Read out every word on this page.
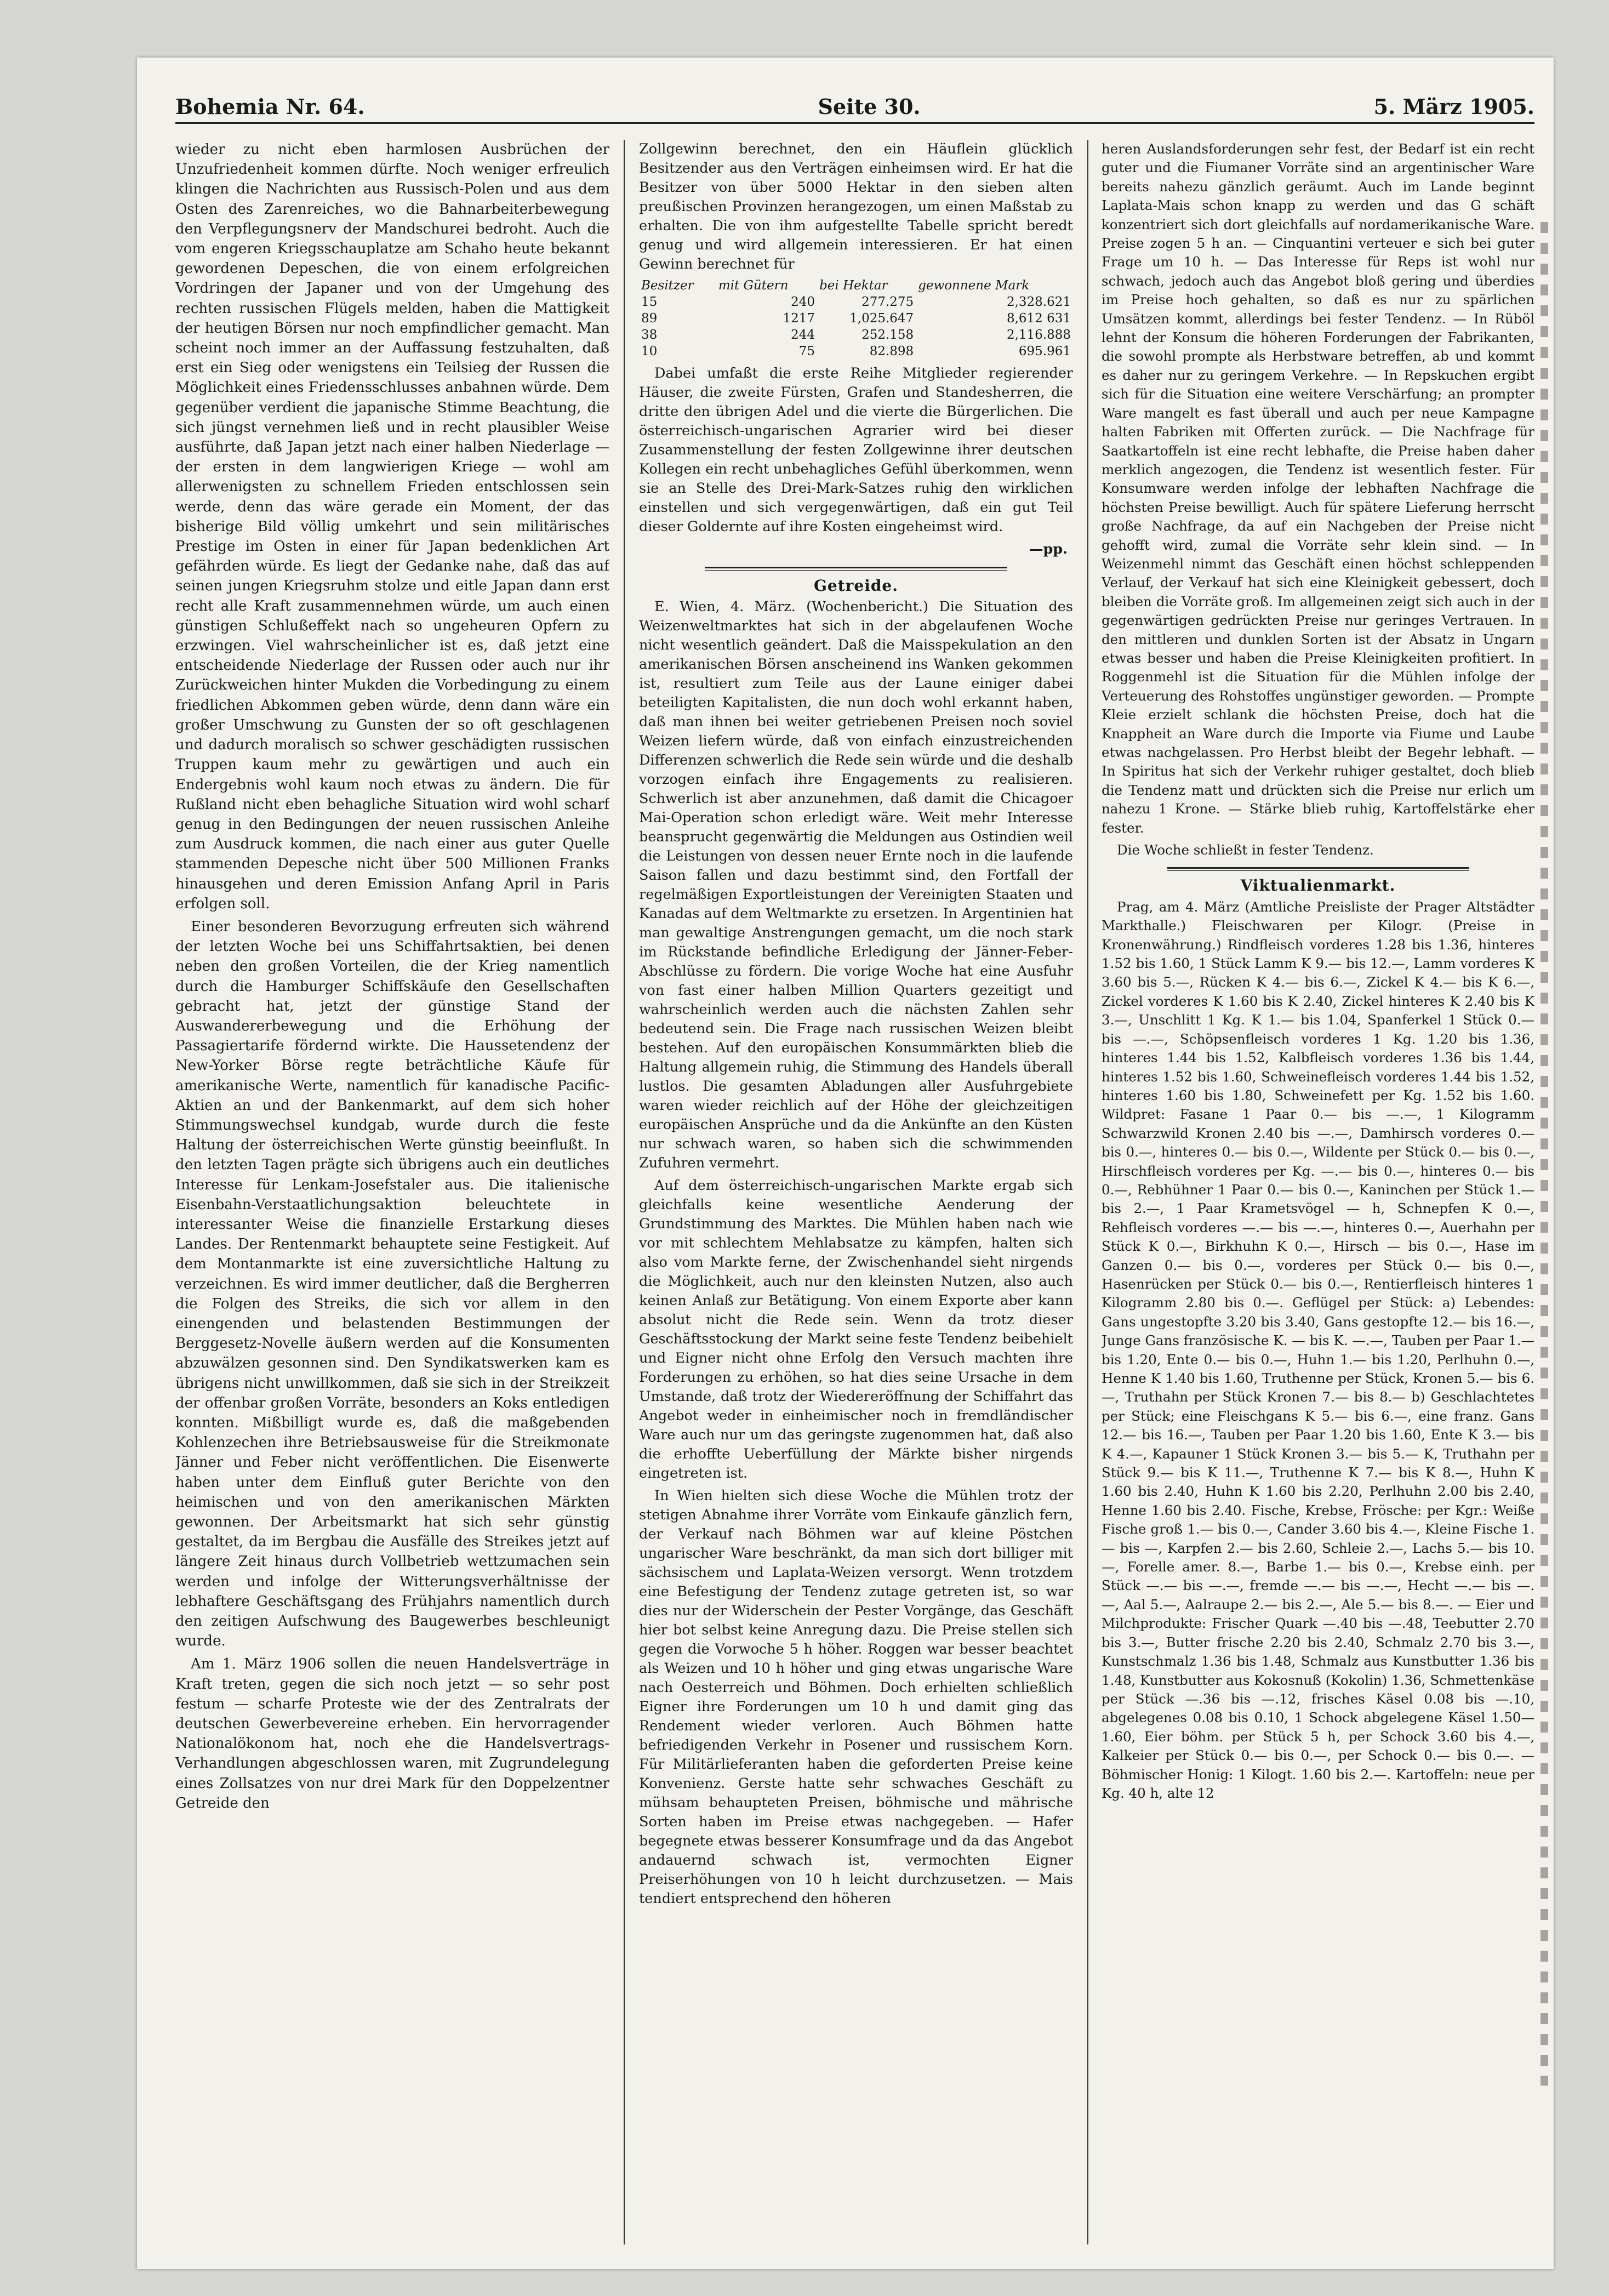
Bohemia Nr. 64.	Seite 30.	5. März 1905.

wieder zu nicht eben harmlosen Ausbrüchen der Unzufriedenheit kommen dürfte. Noch weniger erfreulich klingen die Nachrichten aus Russisch-Polen und aus dem Osten des Zarenreiches, wo die Bahnarbeiterbewegung den Verpflegungsnerv der Mandschurei bedroht. Auch die vom engeren Kriegsschauplatze am Schaho heute bekannt gewordenen Depeschen, die von einem erfolgreichen Vordringen der Japaner und von der Umgehung des rechten russischen Flügels melden, haben die Mattigkeit der heutigen Börsen nur noch empfindlicher gemacht. Man scheint noch immer an der Auffassung festzuhalten, daß erst ein Sieg oder wenigstens ein Teilsieg der Russen die Möglichkeit eines Friedensschlusses anbahnen würde. Dem gegenüber verdient die japanische Stimme Beachtung, die sich jüngst vernehmen ließ und in recht plausibler Weise ausführte, daß Japan jetzt nach einer halben Niederlage — der ersten in dem langwierigen Kriege — wohl am allerwenigsten zu schnellem Frieden entschlossen sein werde, denn das wäre gerade ein Moment, der das bisherige Bild völlig umkehrt und sein militärisches Prestige im Osten in einer für Japan bedenklichen Art gefährden würde. Es liegt der Gedanke nahe, daß das auf seinen jungen Kriegsruhm stolze und eitle Japan dann erst recht alle Kraft zusammennehmen würde, um auch einen günstigen Schlußeffekt nach so ungeheuren Opfern zu erzwingen. Viel wahrscheinlicher ist es, daß jetzt eine entscheidende Niederlage der Russen oder auch nur ihr Zurückweichen hinter Mukden die Vorbedingung zu einem friedlichen Abkommen geben würde, denn dann wäre ein großer Umschwung zu Gunsten der so oft geschlagenen und dadurch moralisch so schwer geschädigten russischen Truppen kaum mehr zu gewärtigen und auch ein Endergebnis wohl kaum noch etwas zu ändern. Die für Rußland nicht eben behagliche Situation wird wohl scharf genug in den Bedingungen der neuen russischen Anleihe zum Ausdruck kommen, die nach einer aus guter Quelle stammenden Depesche nicht über 500 Millionen Franks hinausgehen und deren Emission Anfang April in Paris erfolgen soll.

Einer besonderen Bevorzugung erfreuten sich während der letzten Woche bei uns Schiffahrtsaktien, bei denen neben den großen Vorteilen, die der Krieg namentlich durch die Hamburger Schiffskäufe den Gesellschaften gebracht hat, jetzt der günstige Stand der Auswandererbewegung und die Erhöhung der Passagiertarife fördernd wirkte. Die Haussetendenz der New-Yorker Börse regte beträchtliche Käufe für amerikanische Werte, namentlich für kanadische Pacific-Aktien an und der Bankenmarkt, auf dem sich hoher Stimmungswechsel kundgab, wurde durch die feste Haltung der österreichischen Werte günstig beeinflußt. In den letzten Tagen prägte sich übrigens auch ein deutliches Interesse für Lenkam-Josefstaler aus. Die italienische Eisenbahn-Verstaatlichungsaktion beleuchtete in interessanter Weise die finanzielle Erstarkung dieses Landes. Der Rentenmarkt behauptete seine Festigkeit. Auf dem Montanmarkte ist eine zuversichtliche Haltung zu verzeichnen. Es wird immer deutlicher, daß die Bergherren die Folgen des Streiks, die sich vor allem in den einengenden und belastenden Bestimmungen der Berggesetz-Novelle äußern werden auf die Konsumenten abzuwälzen gesonnen sind. Den Syndikatswerken kam es übrigens nicht unwillkommen, daß sie sich in der Streikzeit der offenbar großen Vorräte, besonders an Koks entledigen konnten. Mißbilligt wurde es, daß die maßgebenden Kohlenzechen ihre Betriebsausweise für die Streikmonate Jänner und Feber nicht veröffentlichen. Die Eisenwerte haben unter dem Einfluß guter Berichte von den heimischen und von den amerikanischen Märkten gewonnen. Der Arbeitsmarkt hat sich sehr günstig gestaltet, da im Bergbau die Ausfälle des Streikes jetzt auf längere Zeit hinaus durch Vollbetrieb wettzumachen sein werden und infolge der Witterungsverhältnisse der lebhaftere Geschäftsgang des Frühjahrs namentlich durch den zeitigen Aufschwung des Baugewerbes beschleunigt wurde.

Am 1. März 1906 sollen die neuen Handelsverträge in Kraft treten, gegen die sich noch jetzt — so sehr post festum — scharfe Proteste wie der des Zentralrats der deutschen Gewerbevereine erheben. Ein hervorragender Nationalökonom hat, noch ehe die Handelsvertrags-Verhandlungen abgeschlossen waren, mit Zugrundelegung eines Zollsatzes von nur drei Mark für den Doppelzentner Getreide den

Zollgewinn berechnet, den ein Häuflein glücklich Besitzender aus den Verträgen einheimsen wird. Er hat die Besitzer von über 5000 Hektar in den sieben alten preußischen Provinzen herangezogen, um einen Maßstab zu erhalten. Die von ihm aufgestellte Tabelle spricht beredt genug und wird allgemein interessieren. Er hat einen Gewinn berechnet für

Besitzer	mit Gütern	bei Hektar	gewonnene Mark
15	240	277.275	2,328.621
89	1217	1,025.647	8,612 631
38	244	252.158	2,116.888
10	75	82.898	695.961

Dabei umfaßt die erste Reihe Mitglieder regierender Häuser, die zweite Fürsten, Grafen und Standesherren, die dritte den übrigen Adel und die vierte die Bürgerlichen. Die österreichisch-ungarischen Agrarier wird bei dieser Zusammenstellung der festen Zollgewinne ihrer deutschen Kollegen ein recht unbehagliches Gefühl überkommen, wenn sie an Stelle des Drei-Mark-Satzes ruhig den wirklichen einstellen und sich vergegenwärtigen, daß ein gut Teil dieser Goldernte auf ihre Kosten eingeheimst wird.

—pp.
Getreide.

E. Wien, 4. März. (Wochenbericht.) Die Situation des Weizenweltmarktes hat sich in der abgelaufenen Woche nicht wesentlich geändert. Daß die Maisspekulation an den amerikanischen Börsen anscheinend ins Wanken gekommen ist, resultiert zum Teile aus der Laune einiger dabei beteiligten Kapitalisten, die nun doch wohl erkannt haben, daß man ihnen bei weiter getriebenen Preisen noch soviel Weizen liefern würde, daß von einfach einzustreichenden Differenzen schwerlich die Rede sein würde und die deshalb vorzogen einfach ihre Engagements zu realisieren. Schwerlich ist aber anzunehmen, daß damit die Chicagoer Mai-Operation schon erledigt wäre. Weit mehr Interesse beansprucht gegenwärtig die Meldungen aus Ostindien weil die Leistungen von dessen neuer Ernte noch in die laufende Saison fallen und dazu bestimmt sind, den Fortfall der regelmäßigen Exportleistungen der Vereinigten Staaten und Kanadas auf dem Weltmarkte zu ersetzen. In Argentinien hat man gewaltige Anstrengungen gemacht, um die noch stark im Rückstande befindliche Erledigung der Jänner-Feber-Abschlüsse zu fördern. Die vorige Woche hat eine Ausfuhr von fast einer halben Million Quarters gezeitigt und wahrscheinlich werden auch die nächsten Zahlen sehr bedeutend sein. Die Frage nach russischen Weizen bleibt bestehen. Auf den europäischen Konsummärkten blieb die Haltung allgemein ruhig, die Stimmung des Handels überall lustlos. Die gesamten Abladungen aller Ausfuhrgebiete waren wieder reichlich auf der Höhe der gleichzeitigen europäischen Ansprüche und da die Ankünfte an den Küsten nur schwach waren, so haben sich die schwimmenden Zufuhren vermehrt.

Auf dem österreichisch-ungarischen Markte ergab sich gleichfalls keine wesentliche Aenderung der Grundstimmung des Marktes. Die Mühlen haben nach wie vor mit schlechtem Mehlabsatze zu kämpfen, halten sich also vom Markte ferne, der Zwischenhandel sieht nirgends die Möglichkeit, auch nur den kleinsten Nutzen, also auch keinen Anlaß zur Betätigung. Von einem Exporte aber kann absolut nicht die Rede sein. Wenn da trotz dieser Geschäftsstockung der Markt seine feste Tendenz beibehielt und Eigner nicht ohne Erfolg den Versuch machten ihre Forderungen zu erhöhen, so hat dies seine Ursache in dem Umstande, daß trotz der Wiedereröffnung der Schiffahrt das Angebot weder in einheimischer noch in fremdländischer Ware auch nur um das geringste zugenommen hat, daß also die erhoffte Ueberfüllung der Märkte bisher nirgends eingetreten ist.

In Wien hielten sich diese Woche die Mühlen trotz der stetigen Abnahme ihrer Vorräte vom Einkaufe gänzlich fern, der Verkauf nach Böhmen war auf kleine Pöstchen ungarischer Ware beschränkt, da man sich dort billiger mit sächsischem und Laplata-Weizen versorgt. Wenn trotzdem eine Befestigung der Tendenz zutage getreten ist, so war dies nur der Widerschein der Pester Vorgänge, das Geschäft hier bot selbst keine Anregung dazu. Die Preise stellen sich gegen die Vorwoche 5 h höher. Roggen war besser beachtet als Weizen und 10 h höher und ging etwas ungarische Ware nach Oesterreich und Böhmen. Doch erhielten schließlich Eigner ihre Forderungen um 10 h und damit ging das Rendement wieder verloren. Auch Böhmen hatte befriedigenden Verkehr in Posener und russischem Korn. Für Militärlieferanten haben die geforderten Preise keine Konvenienz. Gerste hatte sehr schwaches Geschäft zu mühsam behaupteten Preisen, böhmische und mährische Sorten haben im Preise etwas nachgegeben. — Hafer begegnete etwas besserer Konsumfrage und da das Angebot andauernd schwach ist, vermochten Eigner Preiserhöhungen von 10 h leicht durchzusetzen. — Mais tendiert entsprechend den höheren

heren Auslandsforderungen sehr fest, der Bedarf ist ein recht guter und die Fiumaner Vorräte sind an argentinischer Ware bereits nahezu gänzlich geräumt. Auch im Lande beginnt Laplata-Mais schon knapp zu werden und das G schäft konzentriert sich dort gleichfalls auf nordamerikanische Ware. Preise zogen 5 h an. — Cinquantini verteuer e sich bei guter Frage um 10 h. — Das Interesse für Reps ist wohl nur schwach, jedoch auch das Angebot bloß gering und überdies im Preise hoch gehalten, so daß es nur zu spärlichen Umsätzen kommt, allerdings bei fester Tendenz. — In Rüböl lehnt der Konsum die höheren Forderungen der Fabrikanten, die sowohl prompte als Herbstware betreffen, ab und kommt es daher nur zu geringem Verkehre. — In Repskuchen ergibt sich für die Situation eine weitere Verschärfung; an prompter Ware mangelt es fast überall und auch per neue Kampagne halten Fabriken mit Offerten zurück. — Die Nachfrage für Saatkartoffeln ist eine recht lebhafte, die Preise haben daher merklich angezogen, die Tendenz ist wesentlich fester. Für Konsumware werden infolge der lebhaften Nachfrage die höchsten Preise bewilligt. Auch für spätere Lieferung herrscht große Nachfrage, da auf ein Nachgeben der Preise nicht gehofft wird, zumal die Vorräte sehr klein sind. — In Weizenmehl nimmt das Geschäft einen höchst schleppenden Verlauf, der Verkauf hat sich eine Kleinigkeit gebessert, doch bleiben die Vorräte groß. Im allgemeinen zeigt sich auch in der gegenwärtigen gedrückten Preise nur geringes Vertrauen. In den mittleren und dunklen Sorten ist der Absatz in Ungarn etwas besser und haben die Preise Kleinigkeiten profitiert. In Roggenmehl ist die Situation für die Mühlen infolge der Verteuerung des Rohstoffes ungünstiger geworden. — Prompte Kleie erzielt schlank die höchsten Preise, doch hat die Knappheit an Ware durch die Importe via Fiume und Laube etwas nachgelassen. Pro Herbst bleibt der Begehr lebhaft. — In Spiritus hat sich der Verkehr ruhiger gestaltet, doch blieb die Tendenz matt und drückten sich die Preise nur erlich um nahezu 1 Krone. — Stärke blieb ruhig, Kartoffelstärke eher fester.

Die Woche schließt in fester Tendenz.

Viktualienmarkt.

Prag, am 4. März (Amtliche Preisliste der Prager Altstädter Markthalle.) Fleischwaren per Kilogr. (Preise in Kronenwährung.) Rindfleisch vorderes 1.28 bis 1.36, hinteres 1.52 bis 1.60, 1 Stück Lamm K 9.— bis 12.—, Lamm vorderes K 3.60 bis 5.—, Rücken K 4.— bis 6.—, Zickel K 4.— bis K 6.—, Zickel vorderes K 1.60 bis K 2.40, Zickel hinteres K 2.40 bis K 3.—, Unschlitt 1 Kg. K 1.— bis 1.04, Spanferkel 1 Stück 0.— bis —.—, Schöpsenfleisch vorderes 1 Kg. 1.20 bis 1.36, hinteres 1.44 bis 1.52, Kalbfleisch vorderes 1.36 bis 1.44, hinteres 1.52 bis 1.60, Schweinefleisch vorderes 1.44 bis 1.52, hinteres 1.60 bis 1.80, Schweinefett per Kg. 1.52 bis 1.60. Wildpret: Fasane 1 Paar 0.— bis —.—, 1 Kilogramm Schwarzwild Kronen 2.40 bis —.—, Damhirsch vorderes 0.— bis 0.—, hinteres 0.— bis 0.—, Wildente per Stück 0.— bis 0.—, Hirschfleisch vorderes per Kg. —.— bis 0.—, hinteres 0.— bis 0.—, Rebhühner 1 Paar 0.— bis 0.—, Kaninchen per Stück 1.— bis 2.—, 1 Paar Krametsvögel — h, Schnepfen K 0.—, Rehfleisch vorderes —.— bis —.—, hinteres 0.—, Auerhahn per Stück K 0.—, Birkhuhn K 0.—, Hirsch — bis 0.—, Hase im Ganzen 0.— bis 0.—, vorderes per Stück 0.— bis 0.—, Hasenrücken per Stück 0.— bis 0.—, Rentierfleisch hinteres 1 Kilogramm 2.80 bis 0.—. Geflügel per Stück: a) Lebendes: Gans ungestopfte 3.20 bis 3.40, Gans gestopfte 12.— bis 16.—, Junge Gans französische K. — bis K. —.—, Tauben per Paar 1.— bis 1.20, Ente 0.— bis 0.—, Huhn 1.— bis 1.20, Perlhuhn 0.—, Henne K 1.40 bis 1.60, Truthenne per Stück, Kronen 5.— bis 6.—, Truthahn per Stück Kronen 7.— bis 8.— b) Geschlachtetes per Stück; eine Fleischgans K 5.— bis 6.—, eine franz. Gans 12.— bis 16.—, Tauben per Paar 1.20 bis 1.60, Ente K 3.— bis K 4.—, Kapauner 1 Stück Kronen 3.— bis 5.— K, Truthahn per Stück 9.— bis K 11.—, Truthenne K 7.— bis K 8.—, Huhn K 1.60 bis 2.40, Huhn K 1.60 bis 2.20, Perlhuhn 2.00 bis 2.40, Henne 1.60 bis 2.40. Fische, Krebse, Frösche: per Kgr.: Weiße Fische groß 1.— bis 0.—, Cander 3.60 bis 4.—, Kleine Fische 1.— bis —, Karpfen 2.— bis 2.60, Schleie 2.—, Lachs 5.— bis 10.—, Forelle amer. 8.—, Barbe 1.— bis 0.—, Krebse einh. per Stück —.— bis —.—, fremde —.— bis —.—, Hecht —.— bis —.—, Aal 5.—, Aalraupe 2.— bis 2.—, Ale 5.— bis 8.—. — Eier und Milchprodukte: Frischer Quark —.40 bis —.48, Teebutter 2.70 bis 3.—, Butter frische 2.20 bis 2.40, Schmalz 2.70 bis 3.—, Kunstschmalz 1.36 bis 1.48, Schmalz aus Kunstbutter 1.36 bis 1.48, Kunstbutter aus Kokosnuß (Kokolin) 1.36, Schmettenkäse per Stück —.36 bis —.12, frisches Käsel 0.08 bis —.10, abgelegenes 0.08 bis 0.10, 1 Schock abgelegene Käsel 1.50—1.60, Eier böhm. per Stück 5 h, per Schock 3.60 bis 4.—, Kalkeier per Stück 0.— bis 0.—, per Schock 0.— bis 0.—. — Böhmischer Honig: 1 Kilogt. 1.60 bis 2.—. Kartoffeln: neue per Kg. 40 h, alte 12
